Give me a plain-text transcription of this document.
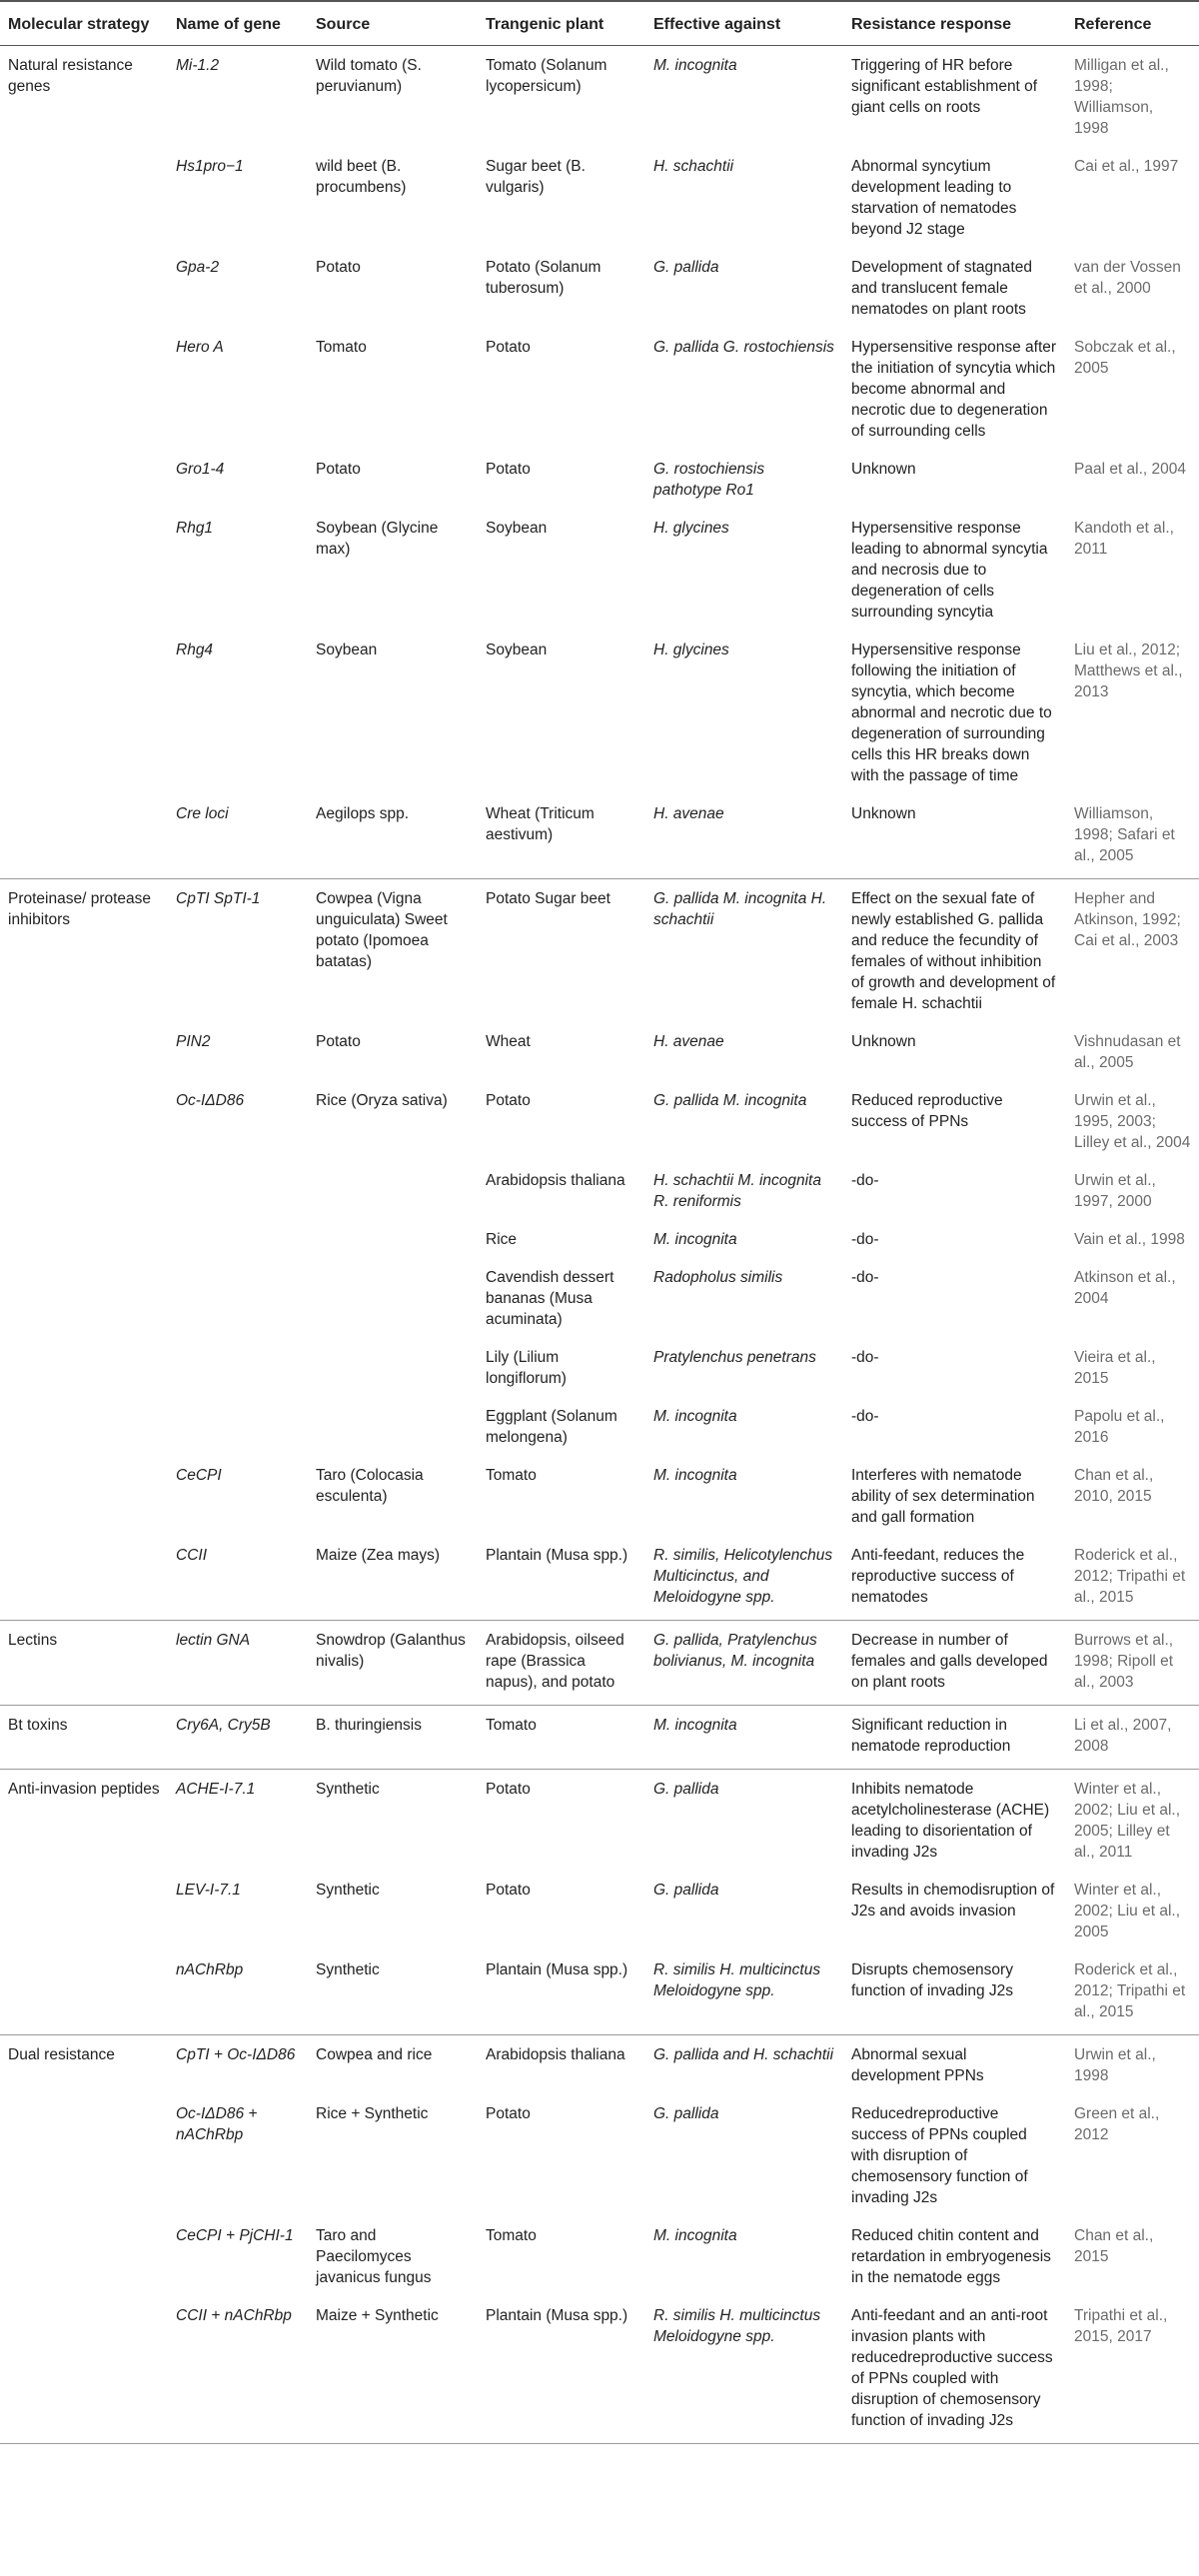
Molecular strategy	Name of gene	Source	Trangenic plant	Effective against	Resistance response	Reference
Natural resistance genes	Mi-1.2	Wild tomato (S. peruvianum)	Tomato (Solanum lycopersicum)	M. incognita	Triggering of HR before significant establishment of giant cells on roots	Milligan et al., 1998; Williamson, 1998
	Hs1pro−1	wild beet (B. procumbens)	Sugar beet (B. vulgaris)	H. schachtii	Abnormal syncytium development leading to starvation of nematodes beyond J2 stage	Cai et al., 1997
	Gpa-2	Potato	Potato (Solanum tuberosum)	G. pallida	Development of stagnated and translucent female nematodes on plant roots	van der Vossen et al., 2000
	Hero A	Tomato	Potato	G. pallida G. rostochiensis	Hypersensitive response after the initiation of syncytia which become abnormal and necrotic due to degeneration of surrounding cells	Sobczak et al., 2005
	Gro1-4	Potato	Potato	G. rostochiensis pathotype Ro1	Unknown	Paal et al., 2004
	Rhg1	Soybean (Glycine max)	Soybean	H. glycines	Hypersensitive response leading to abnormal syncytia and necrosis due to degeneration of cells surrounding syncytia	Kandoth et al., 2011
	Rhg4	Soybean	Soybean	H. glycines	Hypersensitive response following the initiation of syncytia, which become abnormal and necrotic due to degeneration of surrounding cells this HR breaks down with the passage of time	Liu et al., 2012; Matthews et al., 2013
	Cre loci	Aegilops spp.	Wheat (Triticum aestivum)	H. avenae	Unknown	Williamson, 1998; Safari et al., 2005
Proteinase/ protease inhibitors	CpTI SpTI-1	Cowpea (Vigna unguiculata) Sweet potato (Ipomoea batatas)	Potato Sugar beet	G. pallida M. incognita H. schachtii	Effect on the sexual fate of newly established G. pallida and reduce the fecundity of females of without inhibition of growth and development of female H. schachtii	Hepher and Atkinson, 1992; Cai et al., 2003
	PIN2	Potato	Wheat	H. avenae	Unknown	Vishnudasan et al., 2005
	Oc-IΔD86	Rice (Oryza sativa)	Potato	G. pallida M. incognita	Reduced reproductive success of PPNs	Urwin et al., 1995, 2003; Lilley et al., 2004
			Arabidopsis thaliana	H. schachtii M. incognita R. reniformis	-do-	Urwin et al., 1997, 2000
			Rice	M. incognita	-do-	Vain et al., 1998
			Cavendish dessert bananas (Musa acuminata)	Radopholus similis	-do-	Atkinson et al., 2004
			Lily (Lilium longiflorum)	Pratylenchus penetrans	-do-	Vieira et al., 2015
			Eggplant (Solanum melongena)	M. incognita	-do-	Papolu et al., 2016
	CeCPI	Taro (Colocasia esculenta)	Tomato	M. incognita	Interferes with nematode ability of sex determination and gall formation	Chan et al., 2010, 2015
	CCII	Maize (Zea mays)	Plantain (Musa spp.)	R. similis, Helicotylenchus Multicinctus, and Meloidogyne spp.	Anti-feedant, reduces the reproductive success of nematodes	Roderick et al., 2012; Tripathi et al., 2015
Lectins	lectin GNA	Snowdrop (Galanthus nivalis)	Arabidopsis, oilseed rape (Brassica napus), and potato	G. pallida, Pratylenchus bolivianus, M. incognita	Decrease in number of females and galls developed on plant roots	Burrows et al., 1998; Ripoll et al., 2003
Bt toxins	Cry6A, Cry5B	B. thuringiensis	Tomato	M. incognita	Significant reduction in nematode reproduction	Li et al., 2007, 2008
Anti-invasion peptides	ACHE-I-7.1	Synthetic	Potato	G. pallida	Inhibits nematode acetylcholinesterase (ACHE) leading to disorientation of invading J2s	Winter et al., 2002; Liu et al., 2005; Lilley et al., 2011
	LEV-I-7.1	Synthetic	Potato	G. pallida	Results in chemodisruption of J2s and avoids invasion	Winter et al., 2002; Liu et al., 2005
	nAChRbp	Synthetic	Plantain (Musa spp.)	R. similis H. multicinctus Meloidogyne spp.	Disrupts chemosensory function of invading J2s	Roderick et al., 2012; Tripathi et al., 2015
Dual resistance	CpTI + Oc-IΔD86	Cowpea and rice	Arabidopsis thaliana	G. pallida and H. schachtii	Abnormal sexual development PPNs	Urwin et al., 1998
	Oc-IΔD86 + nAChRbp	Rice + Synthetic	Potato	G. pallida	Reducedreproductive success of PPNs coupled with disruption of chemosensory function of invading J2s	Green et al., 2012
	CeCPI + PjCHI-1	Taro and Paecilomyces javanicus fungus	Tomato	M. incognita	Reduced chitin content and retardation in embryogenesis in the nematode eggs	Chan et al., 2015
	CCII + nAChRbp	Maize + Synthetic	Plantain (Musa spp.)	R. similis H. multicinctus Meloidogyne spp.	Anti-feedant and an anti-root invasion plants with reducedreproductive success of PPNs coupled with disruption of chemosensory function of invading J2s	Tripathi et al., 2015, 2017
